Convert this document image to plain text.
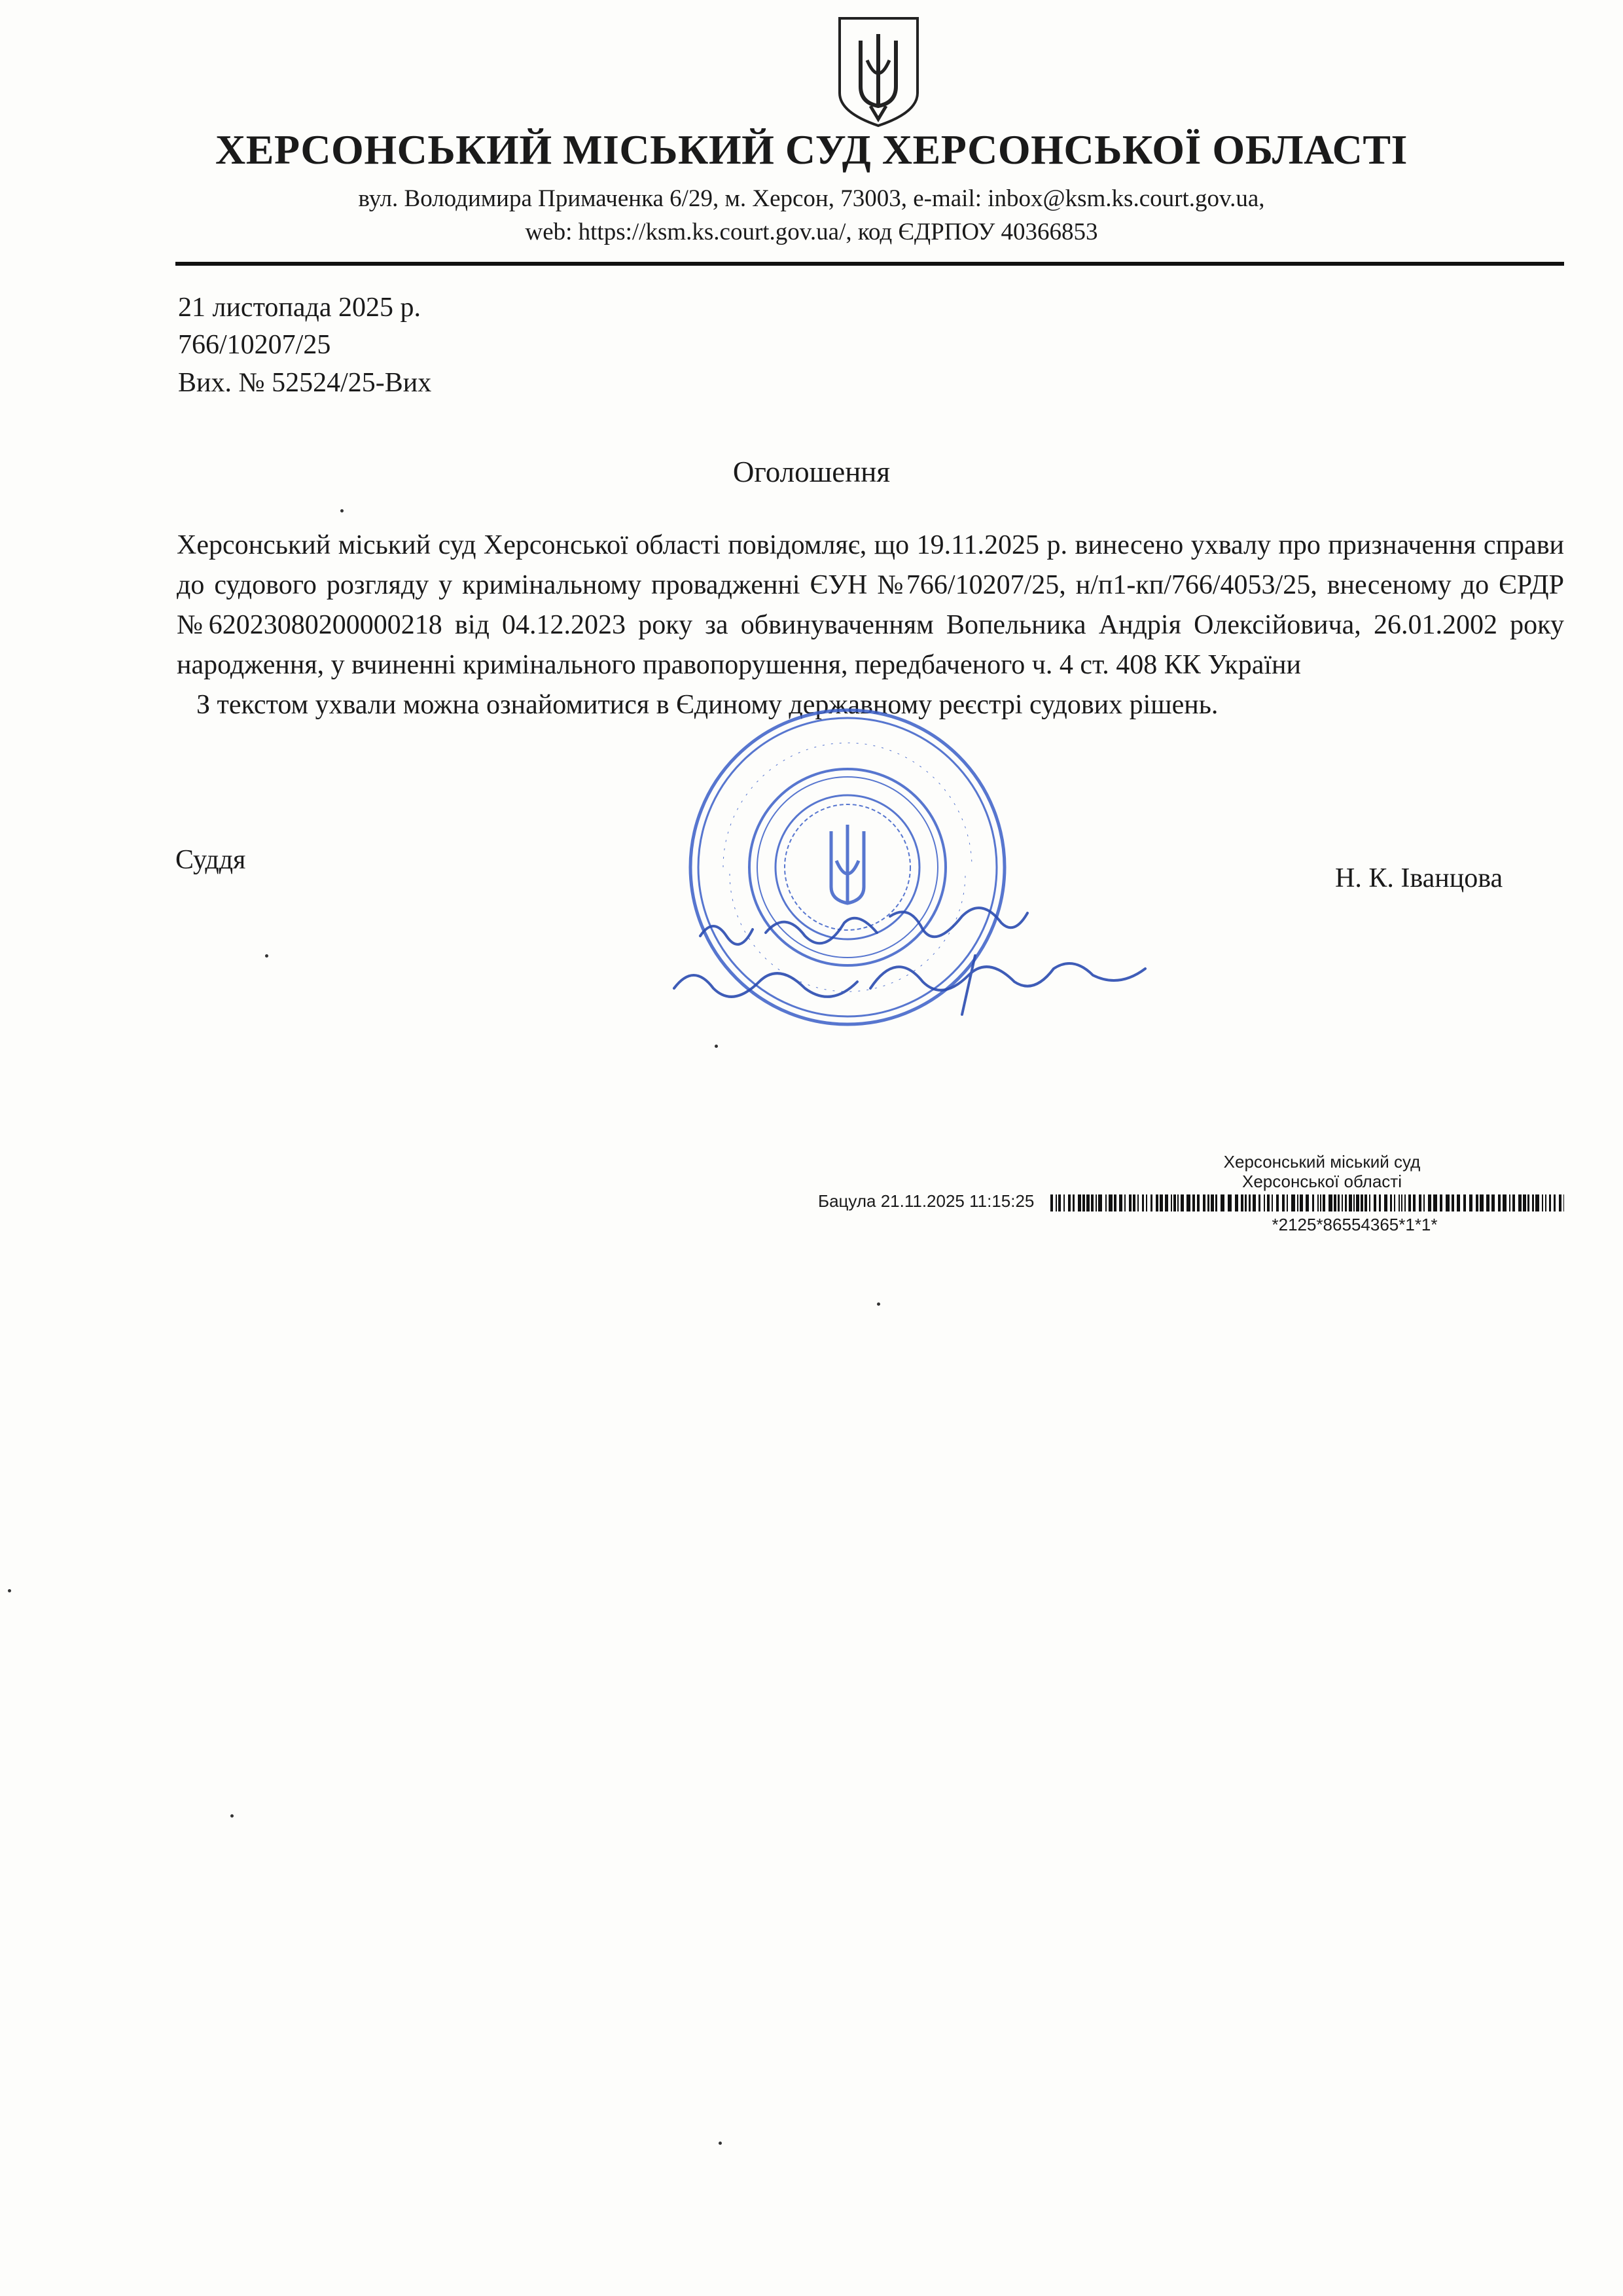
ХЕРСОНСЬКИЙ МІСЬКИЙ СУД ХЕРСОНСЬКОЇ ОБЛАСТІ
вул. Володимира Примаченка 6/29, м. Херсон, 73003, e-mail: inbox@ksm.ks.court.gov.ua,
web: https://ksm.ks.court.gov.ua/, код ЄДРПОУ 40366853
21 листопада 2025 р.
766/10207/25
Вих. № 52524/25-Вих
Оголошення

Херсонський міський суд Херсонської області повідомляє, що 19.11.2025 р. винесено ухвалу про призначення справи до судового розгляду у кримінальному провадженні ЄУН №766/10207/25, н/п1-кп/766/4053/25, внесеному до ЄРДР №62023080200000218 від 04.12.2023 року за обвинуваченням Вопельника Андрія Олексійовича, 26.01.2002 року народження, у вчиненні кримінального правопорушення, передбаченого ч. 4 ст. 408 КК України

З текстом ухвали можна ознайомитися в Єдиному державному реєстрі судових рішень.

Суддя
Н. К. Іванцова
Херсонський міський суд
Херсонської області
Бацула 21.11.2025 11:15:25
*2125*86554365*1*1*
